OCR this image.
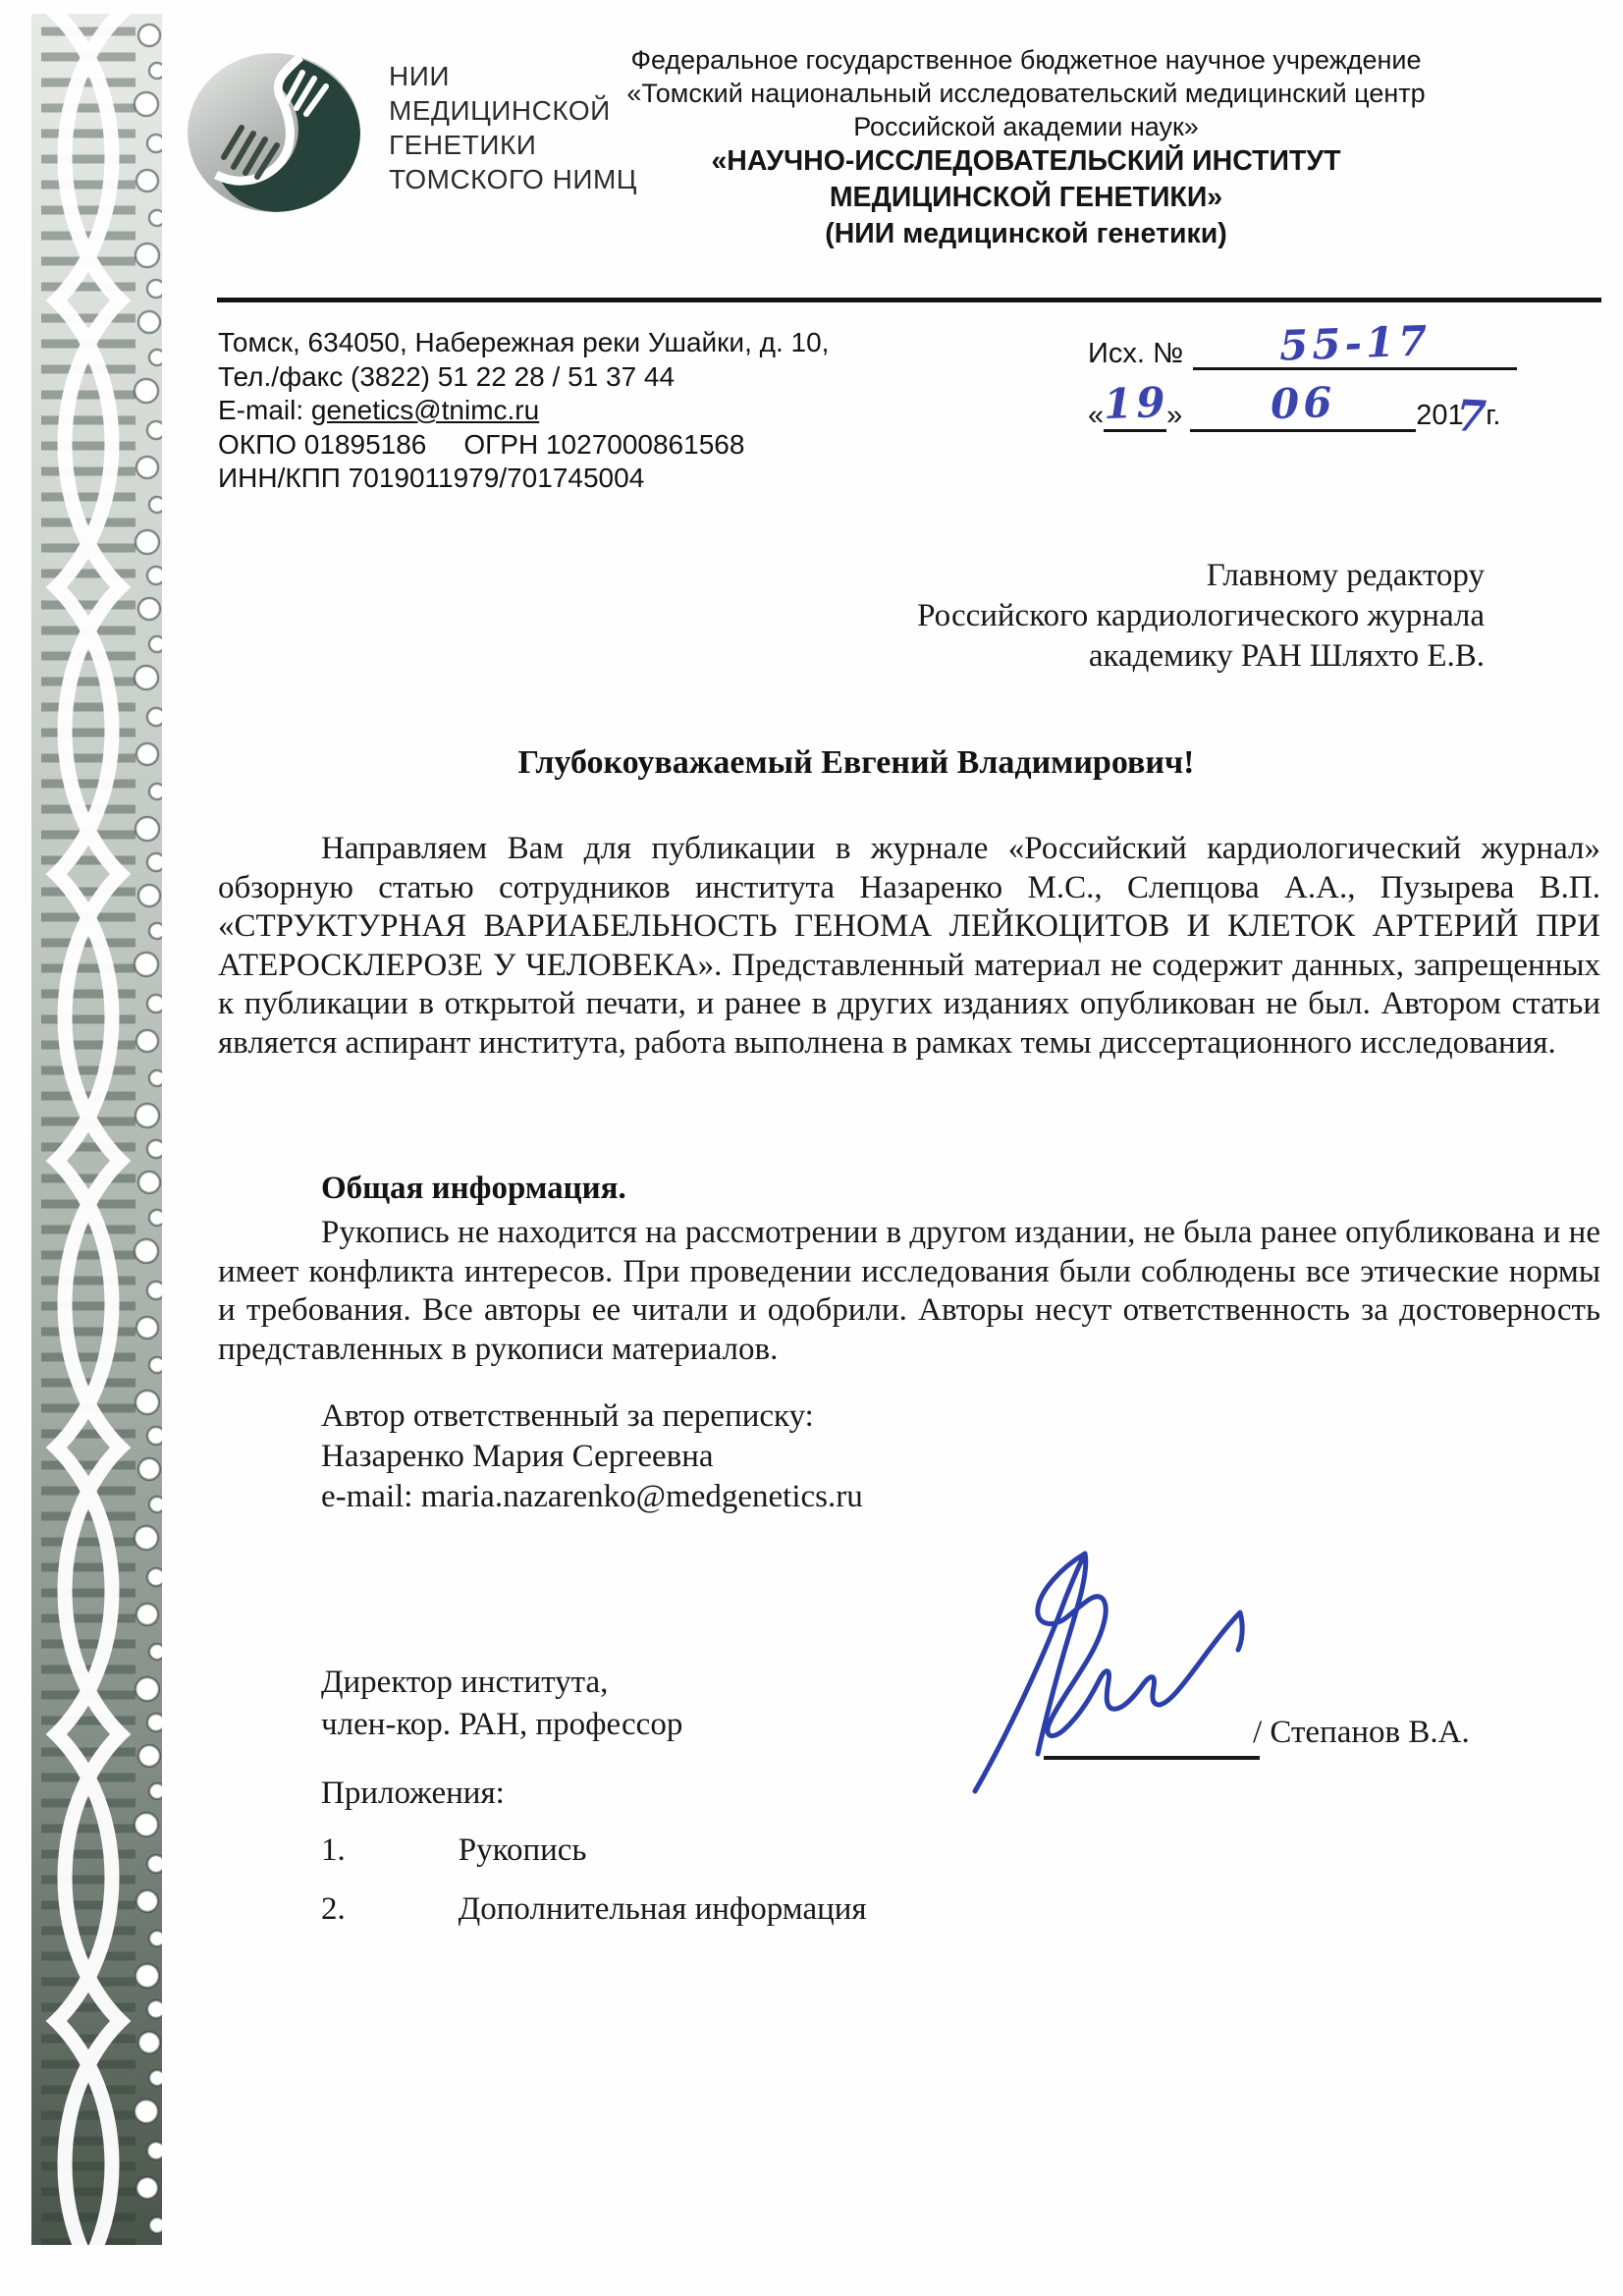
НИИ
МЕДИЦИНСКОЙ
ГЕНЕТИКИ
ТОМСКОГО НИМЦ
Федеральное государственное бюджетное научное учреждение
«Томский национальный исследовательский медицинский центр
Российской академии наук»
«НАУЧНО-ИССЛЕДОВАТЕЛЬСКИЙ ИНСТИТУТ
МЕДИЦИНСКОЙ ГЕНЕТИКИ»
(НИИ медицинской генетики)
Томск, 634050, Набережная реки Ушайки, д. 10,
Тел./факс (3822) 51 22 28 / 51 37 44
E-mail: genetics@tnimc.ru
ОКПО 01895186 ОГРН 1027000861568
ИНН/КПП 7019011979/701745004
Исх. №	55-17
« 19
»	06	201
7
г.
Главному редактору
Российского кардиологического журнала
академику РАН Шляхто Е.В.
Глубокоуважаемый Евгений Владимирович!
Направляем Вам для публикации в журнале «Российский кардиологический журнал» обзорную статью сотрудников института Назаренко М.С., Слепцова А.А., Пузырева В.П. «СТРУКТУРНАЯ ВАРИАБЕЛЬНОСТЬ ГЕНОМА ЛЕЙКОЦИТОВ И КЛЕТОК АРТЕРИЙ ПРИ АТЕРОСКЛЕРОЗЕ У ЧЕЛОВЕКА». Представленный материал не содержит данных, запрещенных к публикации в открытой печати, и ранее в других изданиях опубликован не был. Автором статьи является аспирант института, работа выполнена в рамках темы диссертационного исследования.
Общая информация.
Рукопись не находится на рассмотрении в другом издании, не была ранее опубликована и не имеет конфликта интересов. При проведении исследования были соблюдены все этические нормы и требования. Все авторы ее читали и одобрили. Авторы несут ответственность за достоверность представленных в рукописи материалов.
Автор ответственный за переписку:
Назаренко Мария Сергеевна
e-mail: maria.nazarenko@medgenetics.ru
Директор института,
член-кор. РАН, профессор	/ Степанов В.А.
Приложения:
1.	Рукопись
2.	Дополнительная информация
